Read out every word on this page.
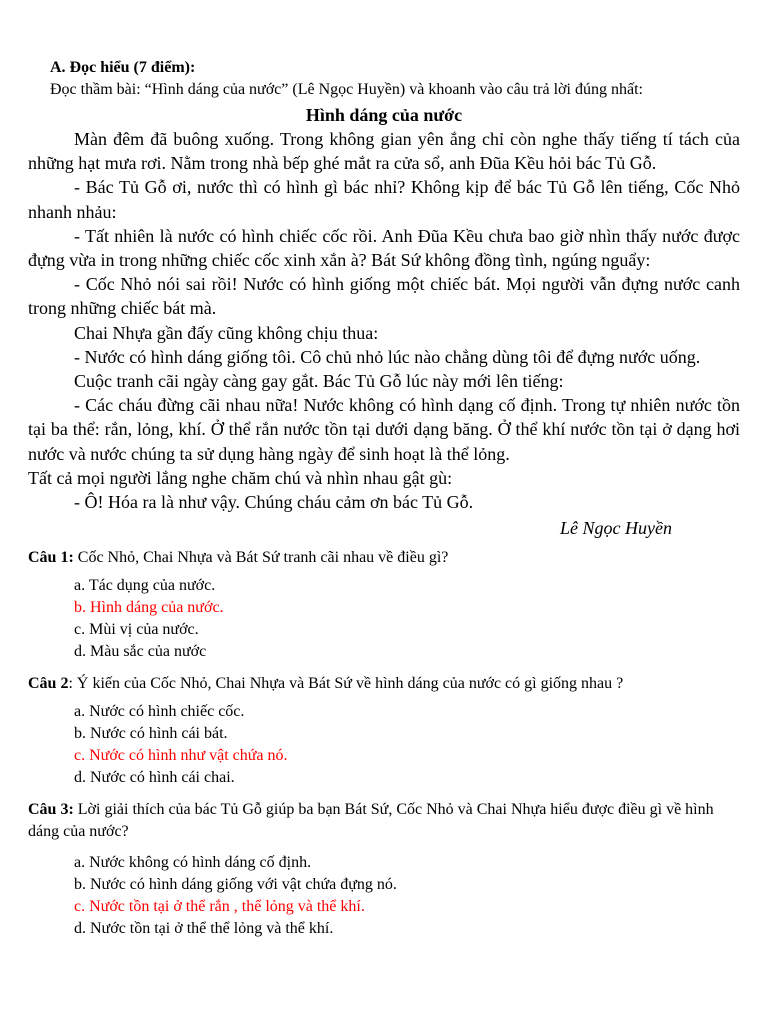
A. Đọc hiểu (7 điểm):
Đọc thầm bài: “Hình dáng của nước” (Lê Ngọc Huyền) và khoanh vào câu trả lời đúng nhất:
Hình dáng của nước

Màn đêm đã buông xuống. Trong không gian yên ắng chỉ còn nghe thấy tiếng tí tách của những hạt mưa rơi. Nằm trong nhà bếp ghé mắt ra cửa sổ, anh Đũa Kều hỏi bác Tủ Gỗ.

- Bác Tủ Gỗ ơi, nước thì có hình gì bác nhỉ? Không kịp để bác Tủ Gỗ lên tiếng, Cốc Nhỏ nhanh nhảu:

- Tất nhiên là nước có hình chiếc cốc rồi. Anh Đũa Kều chưa bao giờ nhìn thấy nước được đựng vừa in trong những chiếc cốc xinh xắn à? Bát Sứ không đồng tình, ngúng nguẩy:

- Cốc Nhỏ nói sai rồi! Nước có hình giống một chiếc bát. Mọi người vẫn đựng nước canh trong những chiếc bát mà.

Chai Nhựa gần đấy cũng không chịu thua:

- Nước có hình dáng giống tôi. Cô chủ nhỏ lúc nào chẳng dùng tôi để đựng nước uống.

Cuộc tranh cãi ngày càng gay gắt. Bác Tủ Gỗ lúc này mới lên tiếng:

- Các cháu đừng cãi nhau nữa! Nước không có hình dạng cố định. Trong tự nhiên nước tồn tại ba thể: rắn, lỏng, khí. Ở thể rắn nước tồn tại dưới dạng băng. Ở thể khí nước tồn tại ở dạng hơi nước và nước chúng ta sử dụng hàng ngày để sinh hoạt là thể lỏng.

Tất cả mọi người lắng nghe chăm chú và nhìn nhau gật gù:

- Ô! Hóa ra là như vậy. Chúng cháu cảm ơn bác Tủ Gỗ.

Lê Ngọc Huyền

Câu 1: Cốc Nhỏ, Chai Nhựa và Bát Sứ tranh cãi nhau về điều gì?

a. Tác dụng của nước.
b. Hình dáng của nước.
c. Mùi vị của nước.
d. Màu sắc của nước

Câu 2: Ý kiến của Cốc Nhỏ, Chai Nhựa và Bát Sứ về hình dáng của nước có gì giống nhau ?

a. Nước có hình chiếc cốc.
b. Nước có hình cái bát.
c. Nước có hình như vật chứa nó.
d. Nước có hình cái chai.

Câu 3: Lời giải thích của bác Tủ Gỗ giúp ba bạn Bát Sứ, Cốc Nhỏ và Chai Nhựa hiểu được điều gì về hình dáng của nước?

a. Nước không có hình dáng cố định.
b. Nước có hình dáng giống với vật chứa đựng nó.
c. Nước tồn tại ở thể rắn , thể lỏng và thể khí.
d. Nước tồn tại ở thể thể lỏng và thể khí.
